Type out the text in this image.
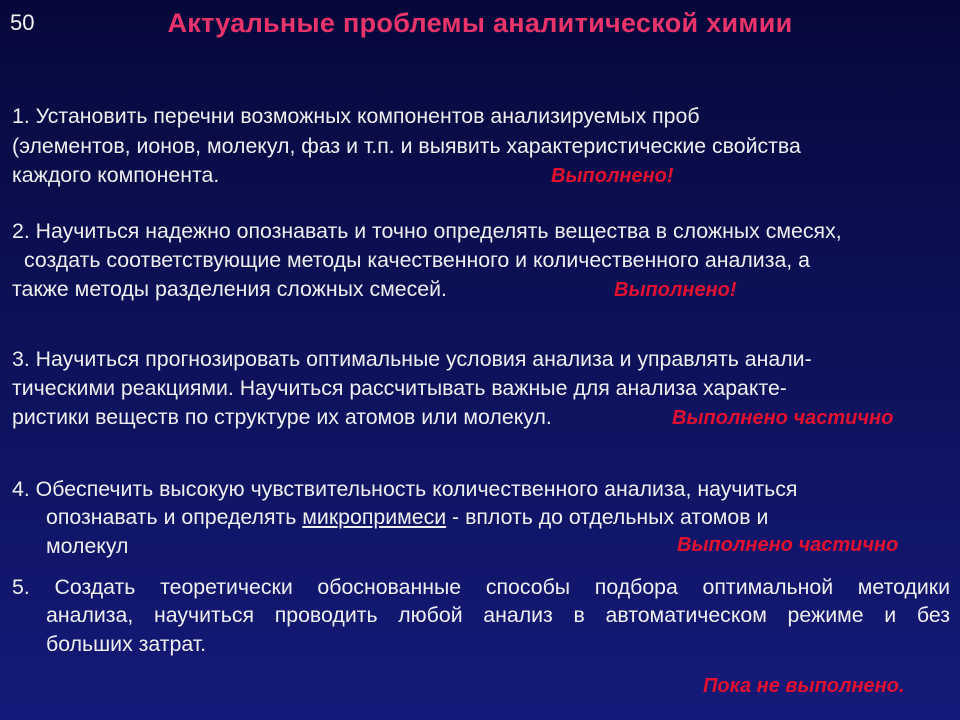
50	Актуальные проблемы аналитической химии
1. Установить перечни возможных компонентов анализируемых проб
(элементов, ионов, молекул, фаз и т.п. и выявить характеристические свойства
каждого компонента.	Выполнено!
2. Научиться надежно опознавать и точно определять вещества в сложных смесях,
создать соответствующие методы качественного и количественного анализа, а
также методы разделения сложных смесей.	Выполнено!
3. Научиться прогнозировать оптимальные условия анализа и управлять анали-
тическими реакциями. Научиться рассчитывать важные для анализа характе-
ристики веществ по структуре их атомов или молекул.	Выполнено частично
4. Обеспечить высокую чувствительность количественного анализа, научиться
опознавать и определять микропримеси - вплоть до отдельных атомов и
молекул	Выполнено частично
5. Создать теоретически обоснованные способы подбора оптимальной методики
анализа, научиться проводить любой анализ в автоматическом режиме и без
больших затрат.
Пока не выполнено.
